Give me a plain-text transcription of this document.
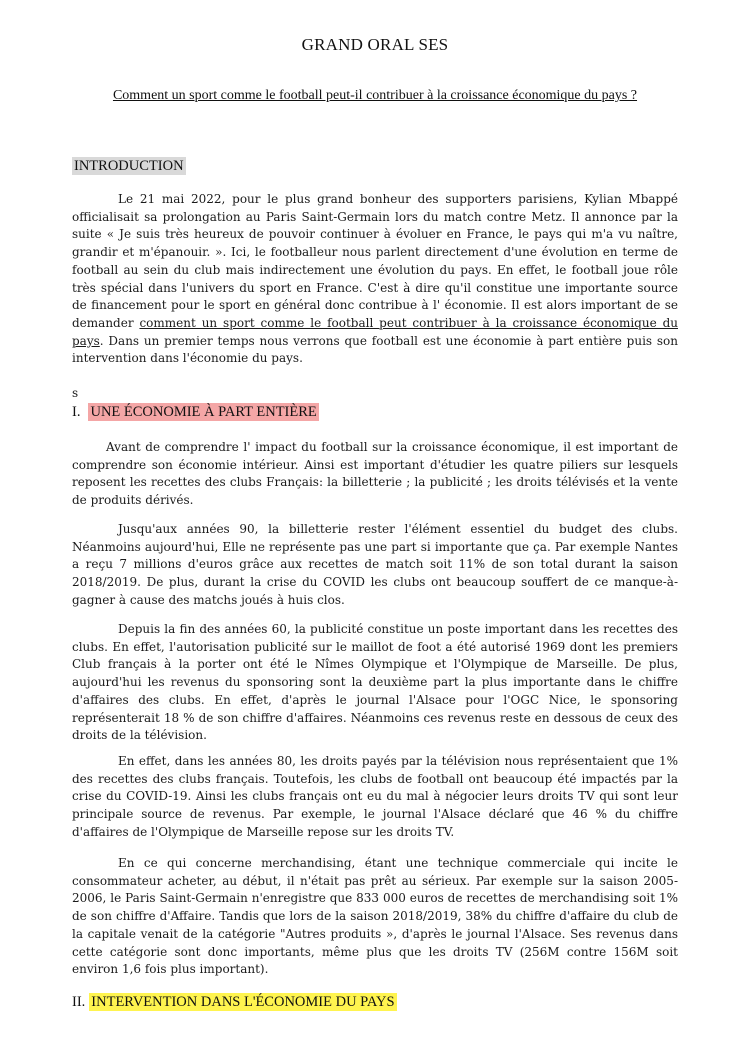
GRAND ORAL SES
Comment un sport comme le football peut-il contribuer à la croissance économique du pays ?
INTRODUCTION
Le 21 mai 2022, pour le plus grand bonheur des supporters parisiens, Kylian Mbappé officialisait sa prolongation au Paris Saint-Germain lors du match contre Metz. Il annonce par la suite « Je suis très heureux de pouvoir continuer à évoluer en France, le pays qui m'a vu naître, grandir et m'épanouir. ». Ici, le footballeur nous parlent directement d'une évolution en terme de football au sein du club mais indirectement une évolution du pays. En effet, le football joue rôle très spécial dans l'univers du sport en France. C'est à dire qu'il constitue une importante source de financement pour le sport en général donc contribue à l' économie. Il est alors important de se demander comment un sport comme le football peut contribuer à la croissance économique du pays. Dans un premier temps nous verrons que football est une économie à part entière puis son intervention dans l'économie du pays.
s
I. UNE ÉCONOMIE À PART ENTIÈRE
Avant de comprendre l' impact du football sur la croissance économique, il est important de comprendre son économie intérieur. Ainsi est important d'étudier les quatre piliers sur lesquels reposent les recettes des clubs Français: la billetterie ; la publicité ; les droits télévisés et la vente de produits dérivés.
Jusqu'aux années 90, la billetterie rester l'élément essentiel du budget des clubs. Néanmoins aujourd'hui, Elle ne représente pas une part si importante que ça. Par exemple Nantes a reçu 7 millions d'euros grâce aux recettes de match soit 11% de son total durant la saison 2018/2019. De plus, durant la crise du COVID les clubs ont beaucoup souffert de ce manque-à-gagner à cause des matchs joués à huis clos.
Depuis la fin des années 60, la publicité constitue un poste important dans les recettes des clubs. En effet, l'autorisation publicité sur le maillot de foot a été autorisé 1969 dont les premiers Club français à la porter ont été le Nîmes Olympique et l'Olympique de Marseille. De plus, aujourd'hui les revenus du sponsoring sont la deuxième part la plus importante dans le chiffre d'affaires des clubs. En effet, d'après le journal l'Alsace pour l'OGC Nice, le sponsoring représenterait 18 % de son chiffre d'affaires. Néanmoins ces revenus reste en dessous de ceux des droits de la télévision.
En effet, dans les années 80, les droits payés par la télévision nous représentaient que 1% des recettes des clubs français. Toutefois, les clubs de football ont beaucoup été impactés par la crise du COVID-19. Ainsi les clubs français ont eu du mal à négocier leurs droits TV qui sont leur principale source de revenus. Par exemple, le journal l'Alsace déclaré que 46 % du chiffre d'affaires de l'Olympique de Marseille repose sur les droits TV.
En ce qui concerne merchandising, étant une technique commerciale qui incite le consommateur acheter, au début, il n'était pas prêt au sérieux. Par exemple sur la saison 2005-2006, le Paris Saint-Germain n'enregistre que 833 000 euros de recettes de merchandising soit 1% de son chiffre d'Affaire. Tandis que lors de la saison 2018/2019, 38% du chiffre d'affaire du club de la capitale venait de la catégorie "Autres produits », d'après le journal l'Alsace. Ses revenus dans cette catégorie sont donc importants, même plus que les droits TV (256M contre 156M soit environ 1,6 fois plus important).
II. INTERVENTION DANS L'ÉCONOMIE DU PAYS
